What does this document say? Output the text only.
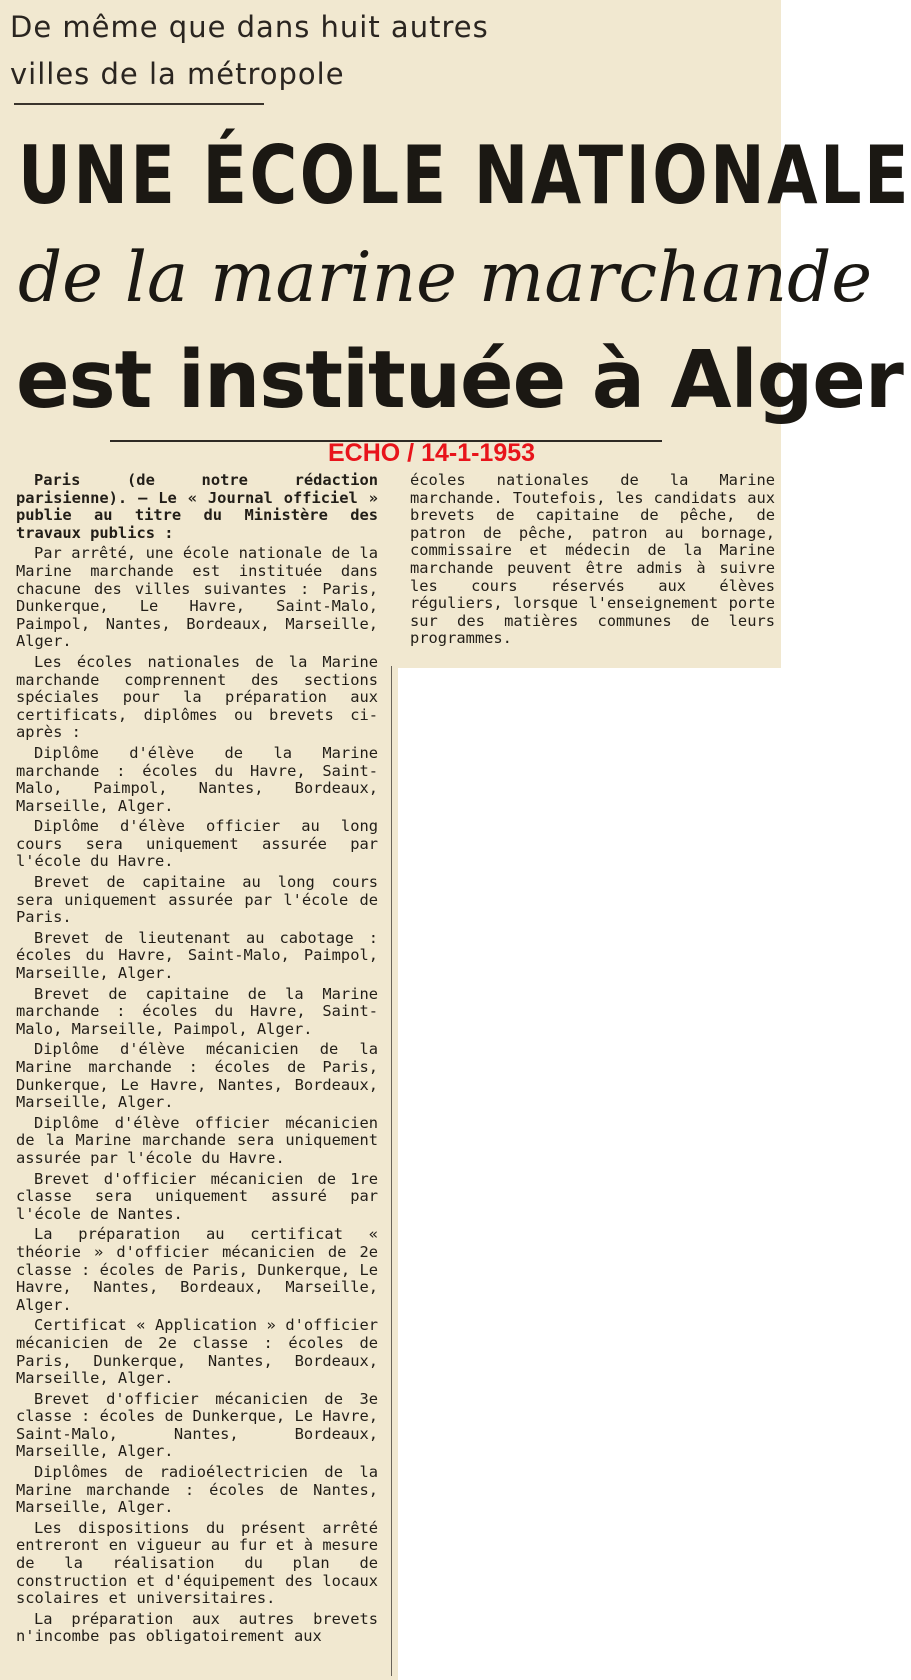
De même que dans huit autres
villes de la métropole
UNE ÉCOLE NATIONALE
de la marine marchande
est instituée à Alger
ECHO / 14-1-1953

Paris (de notre rédaction parisienne). — Le « Journal officiel » publie au titre du Ministère des travaux publics :

Par arrêté, une école nationale de la Marine marchande est instituée dans chacune des villes suivantes : Paris, Dunkerque, Le Havre, Saint-Malo, Paimpol, Nantes, Bordeaux, Marseille, Alger.

Les écoles nationales de la Marine marchande comprennent des sections spéciales pour la préparation aux certificats, diplômes ou brevets ci-après :

Diplôme d'élève de la Marine marchande : écoles du Havre, Saint-Malo, Paimpol, Nantes, Bordeaux, Marseille, Alger.

Diplôme d'élève officier au long cours sera uniquement assurée par l'école du Havre.

Brevet de capitaine au long cours sera uniquement assurée par l'école de Paris.

Brevet de lieutenant au cabotage : écoles du Havre, Saint-Malo, Paimpol, Marseille, Alger.

Brevet de capitaine de la Marine marchande : écoles du Havre, Saint-Malo, Marseille, Paimpol, Alger.

Diplôme d'élève mécanicien de la Marine marchande : écoles de Paris, Dunkerque, Le Havre, Nantes, Bordeaux, Marseille, Alger.

Diplôme d'élève officier mécanicien de la Marine marchande sera uniquement assurée par l'école du Havre.

Brevet d'officier mécanicien de 1re classe sera uniquement assuré par l'école de Nantes.

La préparation au certificat « théorie » d'officier mécanicien de 2e classe : écoles de Paris, Dunkerque, Le Havre, Nantes, Bordeaux, Marseille, Alger.

Certificat « Application » d'officier mécanicien de 2e classe : écoles de Paris, Dunkerque, Nantes, Bordeaux, Marseille, Alger.

Brevet d'officier mécanicien de 3e classe : écoles de Dunkerque, Le Havre, Saint-Malo, Nantes, Bordeaux, Marseille, Alger.

Diplômes de radioélectricien de la Marine marchande : écoles de Nantes, Marseille, Alger.

Les dispositions du présent arrêté entreront en vigueur au fur et à mesure de la réalisation du plan de construction et d'équipement des locaux scolaires et universitaires.

La préparation aux autres brevets n'incombe pas obligatoirement aux

écoles nationales de la Marine marchande. Toutefois, les candidats aux brevets de capitaine de pêche, de patron de pêche, patron au bornage, commissaire et médecin de la Marine marchande peuvent être admis à suivre les cours réservés aux élèves réguliers, lorsque l'enseignement porte sur des matières communes de leurs programmes.
